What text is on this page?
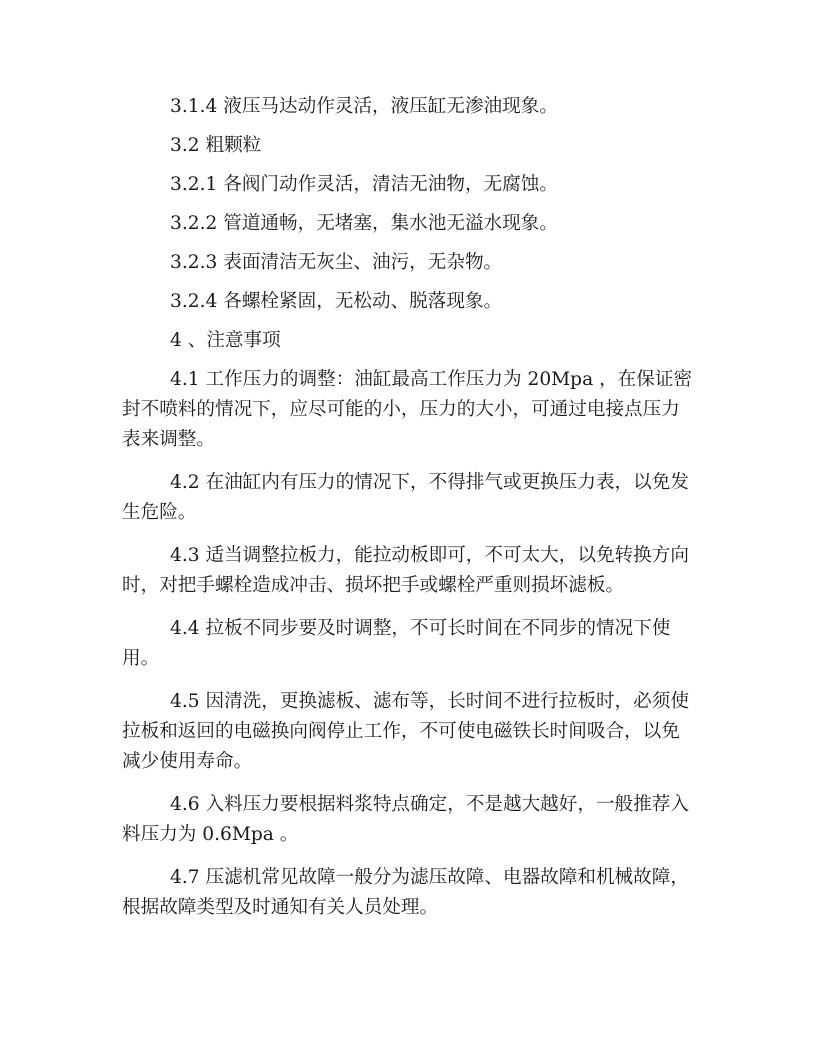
3.1.4 液压马达动作灵活，液压缸无渗油现象。

3.2 粗颗粒

3.2.1 各阀门动作灵活，清洁无油物，无腐蚀。

3.2.2 管道通畅，无堵塞，集水池无溢水现象。

3.2.3 表面清洁无灰尘、油污，无杂物。

3.2.4 各螺栓紧固，无松动、脱落现象。

4 、注意事项

4.1 工作压力的调整：油缸最高工作压力为 20Mpa ，在保证密封不喷料的情况下，应尽可能的小，压力的大小，可通过电接点压力表来调整。

4.2 在油缸内有压力的情况下，不得排气或更换压力表，以免发生危险。

4.3 适当调整拉板力，能拉动板即可，不可太大，以免转换方向时，对把手螺栓造成冲击、损坏把手或螺栓严重则损坏滤板。

4.4 拉板不同步要及时调整，不可长时间在不同步的情况下使用。

4.5 因清洗，更换滤板、滤布等，长时间不进行拉板时，必须使拉板和返回的电磁换向阀停止工作，不可使电磁铁长时间吸合，以免减少使用寿命。

4.6 入料压力要根据料浆特点确定，不是越大越好，一般推荐入料压力为 0.6Mpa 。

4.7 压滤机常见故障一般分为滤压故障、电器故障和机械故障，根据故障类型及时通知有关人员处理。
